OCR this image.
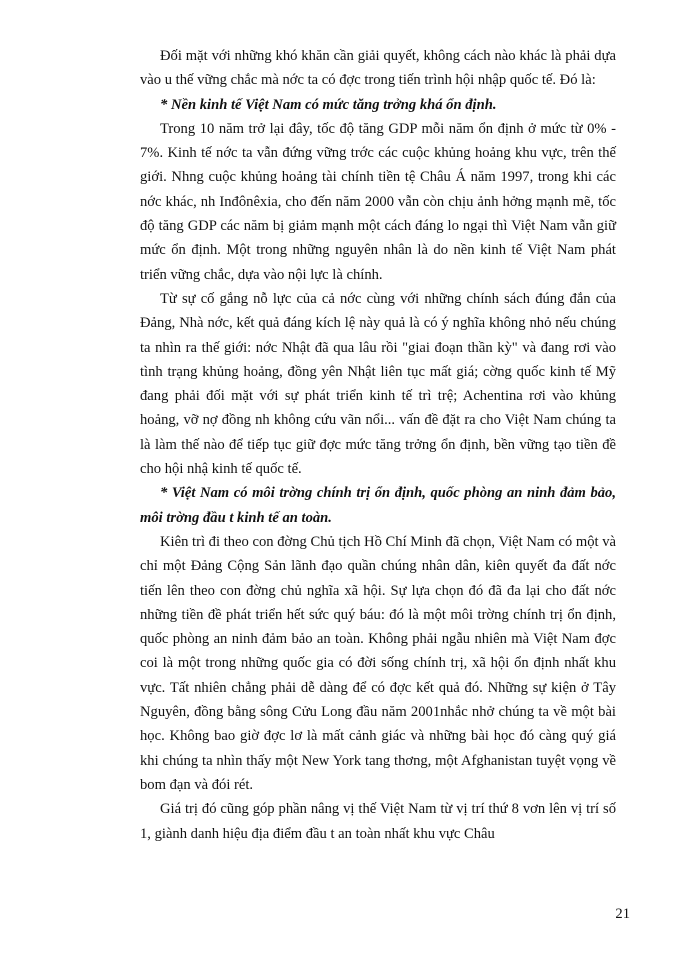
Đối mặt với những khó khăn cần giải quyết, không cách nào khác là phải dựa vào u thế vững chắc mà nớc ta có đợc trong tiến trình hội nhập quốc tế. Đó là:

* Nền kinh tế Việt Nam có mức tăng trởng khá ổn định.

Trong 10 năm trở lại đây, tốc độ tăng GDP mỗi năm ổn định ở mức từ 0% - 7%. Kinh tế nớc ta vẫn đứng vững trớc các cuộc khủng hoảng khu vực, trên thế giới. Nhng cuộc khủng hoảng tài chính tiền tệ Châu Á năm 1997, trong khi các nớc khác, nh Inđônêxia, cho đến năm 2000 vẫn còn chịu ảnh hởng mạnh mẽ, tốc độ tăng GDP các năm bị giảm mạnh một cách đáng lo ngại thì Việt Nam vẫn giữ mức ổn định. Một trong những nguyên nhân là do nền kinh tế Việt Nam phát triển vững chắc, dựa vào nội lực là chính.

Từ sự cố gắng nỗ lực của cả nớc cùng với những chính sách đúng đắn của Đảng, Nhà nớc, kết quả đáng kích lệ này quả là có ý nghĩa không nhỏ nếu chúng ta nhìn ra thế giới: nớc Nhật đã qua lâu rồi "giai đoạn thần kỳ" và đang rơi vào tình trạng khủng hoảng, đồng yên Nhật liên tục mất giá; cờng quốc kinh tế Mỹ đang phải đối mặt với sự phát triển kinh tế trì trệ; Achentina rơi vào khủng hoảng, vỡ nợ đồng nh không cứu vãn nổi... vấn đề đặt ra cho Việt Nam chúng ta là làm thế nào để tiếp tục giữ đợc mức tăng trởng ổn định, bền vững tạo tiền đề cho hội nhậ kinh tế quốc tế.

* Việt Nam có môi trờng chính trị ổn định, quốc phòng an ninh đảm bảo, môi trờng đầu t kinh tế an toàn.

Kiên trì đi theo con đờng Chủ tịch Hồ Chí Minh đã chọn, Việt Nam có một và chỉ một Đảng Cộng Sản lãnh đạo quần chúng nhân dân, kiên quyết đa đất nớc tiến lên theo con đờng chủ nghĩa xã hội. Sự lựa chọn đó đã đa lại cho đất nớc những tiền đề phát triển hết sức quý báu: đó là một môi trờng chính trị ổn định, quốc phòng an ninh đảm bảo an toàn. Không phải ngẫu nhiên mà Việt Nam đợc coi là một trong những quốc gia có đời sống chính trị, xã hội ổn định nhất khu vực. Tất nhiên chẳng phải dễ dàng để có đợc kết quả đó. Những sự kiện ở Tây Nguyên, đồng bằng sông Cửu Long đầu năm 2001nhắc nhở chúng ta về một bài học. Không bao giờ đợc lơ là mất cảnh giác và những bài học đó càng quý giá khi chúng ta nhìn thấy một New York tang thơng, một Afghanistan tuyệt vọng về bom đạn và đói rét.

Giá trị đó cũng góp phần nâng vị thế Việt Nam từ vị trí thứ 8 vơn lên vị trí số 1, giành danh hiệu địa điểm đầu t an toàn nhất khu vực Châu

21
